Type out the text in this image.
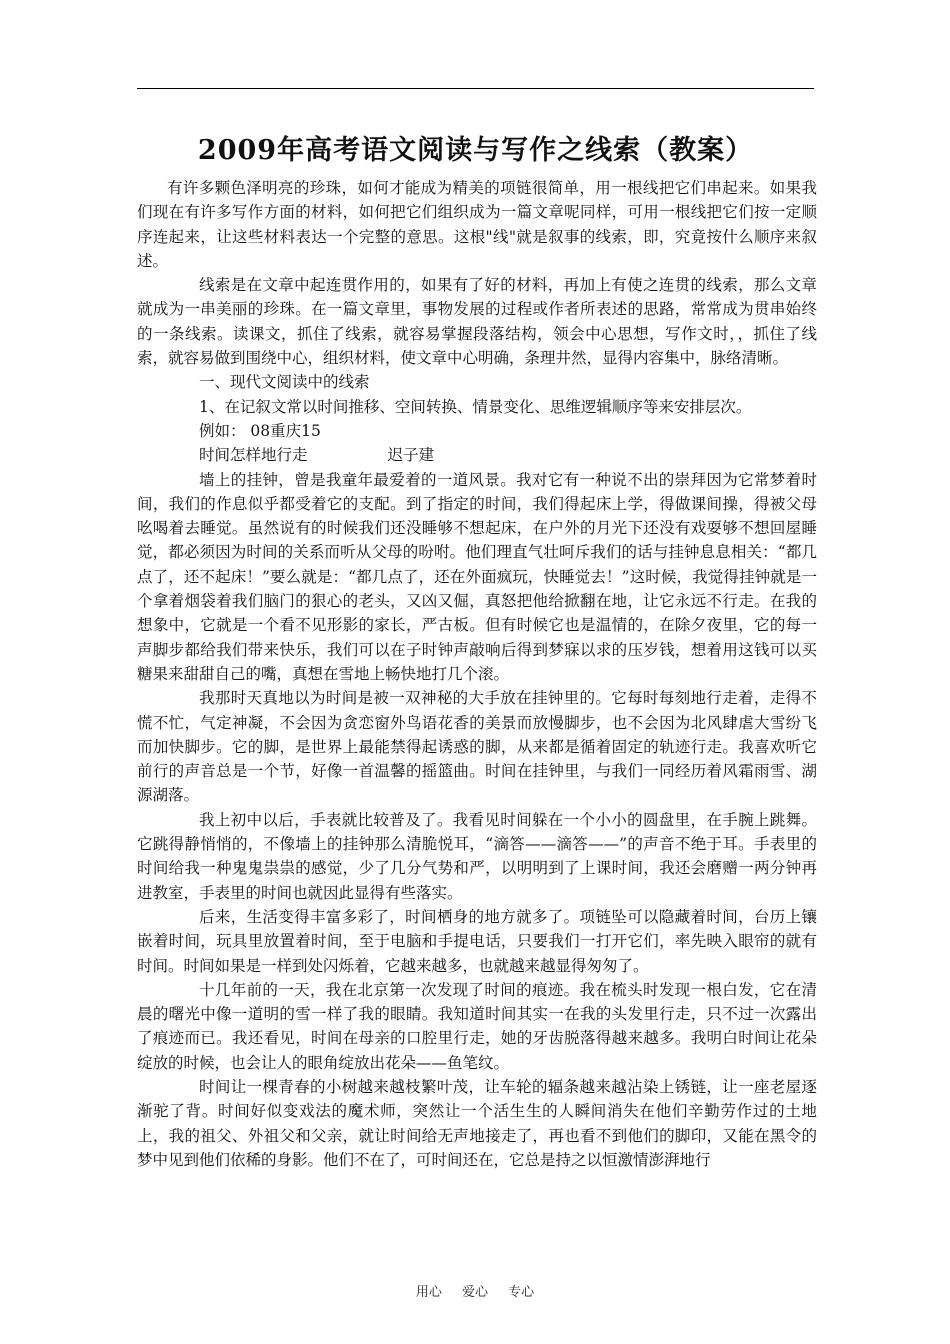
2009年高考语文阅读与写作之线索（教案）

有许多颗色泽明亮的珍珠，如何才能成为精美的项链很简单，用一根线把它们串起来。如果我们现在有许多写作方面的材料，如何把它们组织成为一篇文章呢同样，可用一根线把它们按一定顺序连起来，让这些材料表达一个完整的意思。这根"线"就是叙事的线索，即，究竟按什么顺序来叙述。

线索是在文章中起连贯作用的，如果有了好的材料，再加上有使之连贯的线索，那么文章就成为一串美丽的珍珠。在一篇文章里，事物发展的过程或作者所表述的思路，常常成为贯串始终的一条线索。读课文，抓住了线索，就容易掌握段落结构，领会中心思想，写作文时，，抓住了线索，就容易做到围绕中心，组织材料，使文章中心明确，条理井然，显得内容集中，脉络清晰。

一、现代文阅读中的线索

1、在记叙文常以时间推移、空间转换、情景变化、思维逻辑顺序等来安排层次。

例如： 08重庆15

时间怎样地行走	迟子建

墙上的挂钟，曾是我童年最爱着的一道风景。我对它有一种说不出的崇拜因为它常梦着时间，我们的作息似乎都受着它的支配。到了指定的时间，我们得起床上学，得做课间操，得被父母吆喝着去睡觉。虽然说有的时候我们还没睡够不想起床，在户外的月光下还没有戏耍够不想回屋睡觉，都必须因为时间的关系而听从父母的吩咐。他们理直气壮呵斥我们的话与挂钟息息相关：“都几点了，还不起床！”要么就是：“都几点了，还在外面疯玩，快睡觉去！”这时候，我觉得挂钟就是一个拿着烟袋着我们脑门的狠心的老头，又凶又倔，真怒把他给掀翻在地，让它永远不行走。在我的想象中，它就是一个看不见形影的家长，严古板。但有时候它也是温情的，在除夕夜里，它的每一声脚步都给我们带来快乐，我们可以在子时钟声敲响后得到梦寐以求的压岁钱，想着用这钱可以买糖果来甜甜自己的嘴，真想在雪地上畅快地打几个滚。

我那时天真地以为时间是被一双神秘的大手放在挂钟里的。它每时每刻地行走着，走得不慌不忙，气定神凝，不会因为贪恋窗外鸟语花香的美景而放慢脚步，也不会因为北风肆虐大雪纷飞而加快脚步。它的脚，是世界上最能禁得起诱惑的脚，从来都是循着固定的轨迹行走。我喜欢听它前行的声音总是一个节，好像一首温馨的摇篮曲。时间在挂钟里，与我们一同经历着风霜雨雪、湖源湖落。

我上初中以后，手表就比较普及了。我看见时间躲在一个小小的圆盘里，在手腕上跳舞。它跳得静悄悄的，不像墙上的挂钟那么清脆悦耳，“滴答——滴答——”的声音不绝于耳。手表里的时间给我一种鬼鬼祟祟的感觉，少了几分气势和严，以明明到了上课时间，我还会磨赠一两分钟再进教室，手表里的时间也就因此显得有些落实。

后来，生活变得丰富多彩了，时间栖身的地方就多了。项链坠可以隐藏着时间，台历上镶嵌着时间，玩具里放置着时间，至于电脑和手提电话，只要我们一打开它们，率先映入眼帘的就有时间。时间如果是一样到处闪烁着，它越来越多，也就越来越显得匆匆了。

十几年前的一天，我在北京第一次发现了时间的痕迹。我在梳头时发现一根白发，它在清晨的曙光中像一道明的雪一样了我的眼睛。我知道时间其实一在我的头发里行走，只不过一次露出了痕迹而已。我还看见，时间在母亲的口腔里行走，她的牙齿脱落得越来越多。我明白时间让花朵绽放的时候，也会让人的眼角绽放出花朵——鱼笔纹。

时间让一棵青春的小树越来越枝繁叶茂，让车轮的辐条越来越沾染上锈链，让一座老屋逐渐驼了背。时间好似变戏法的魔术师，突然让一个活生生的人瞬间消失在他们辛勤劳作过的土地上，我的祖父、外祖父和父亲，就让时间给无声地接走了，再也看不到他们的脚印，又能在黑令的梦中见到他们依稀的身影。他们不在了，可时间还在，它总是持之以恒激情澎湃地行

用心 爱心 专心
